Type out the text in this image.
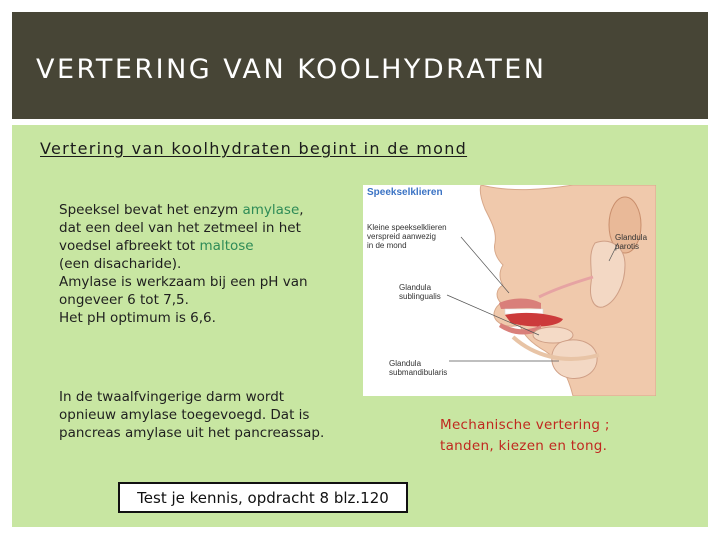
VERTERING VAN KOOLHYDRATEN
Vertering van koolhydraten begint in de mond
Speeksel bevat het enzym amylase,
dat een deel van het zetmeel in het
voedsel afbreekt tot maltose
(een disacharide).
Amylase is werkzaam bij een pH van
ongeveer 6 tot 7,5.
Het pH optimum is 6,6.
In de twaalfvingerige darm wordt
opnieuw amylase toegevoegd. Dat is
pancreas amylase uit het pancreassap.
Speekselklieren
Kleine speekselklieren
verspreid aanwezig
in de mond
Glandula
parotis
Glandula
sublingualis
Glandula
submandibularis
Mechanische vertering ;
tanden, kiezen en tong.
Test je kennis, opdracht 8 blz.120
